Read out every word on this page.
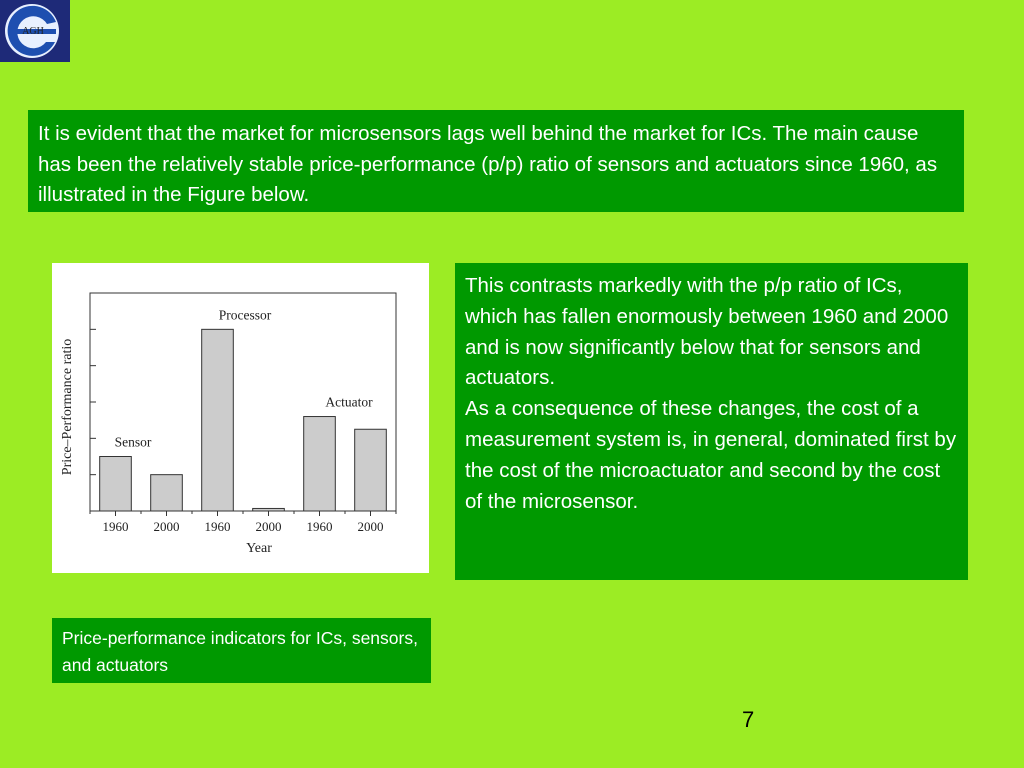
AGH

It is evident that the market for microsensors lags well behind the market for ICs. The main cause has been the relatively stable price-performance (p/p) ratio of sensors and actuators since 1960, as illustrated in the Figure below.

1960 2000 1960 2000 1960 2000
Sensor
Processor
Actuator
Year
Price–Performance ratio

This contrasts markedly with the p/p ratio of ICs, which has fallen enormously between 1960 and 2000 and is now significantly below that for sensors and actuators.

As a consequence of these changes, the cost of a measurement system is, in general, dominated first by the cost of the microactuator and second by the cost of the microsensor.

Price-performance indicators for ICs, sensors, and actuators

7
